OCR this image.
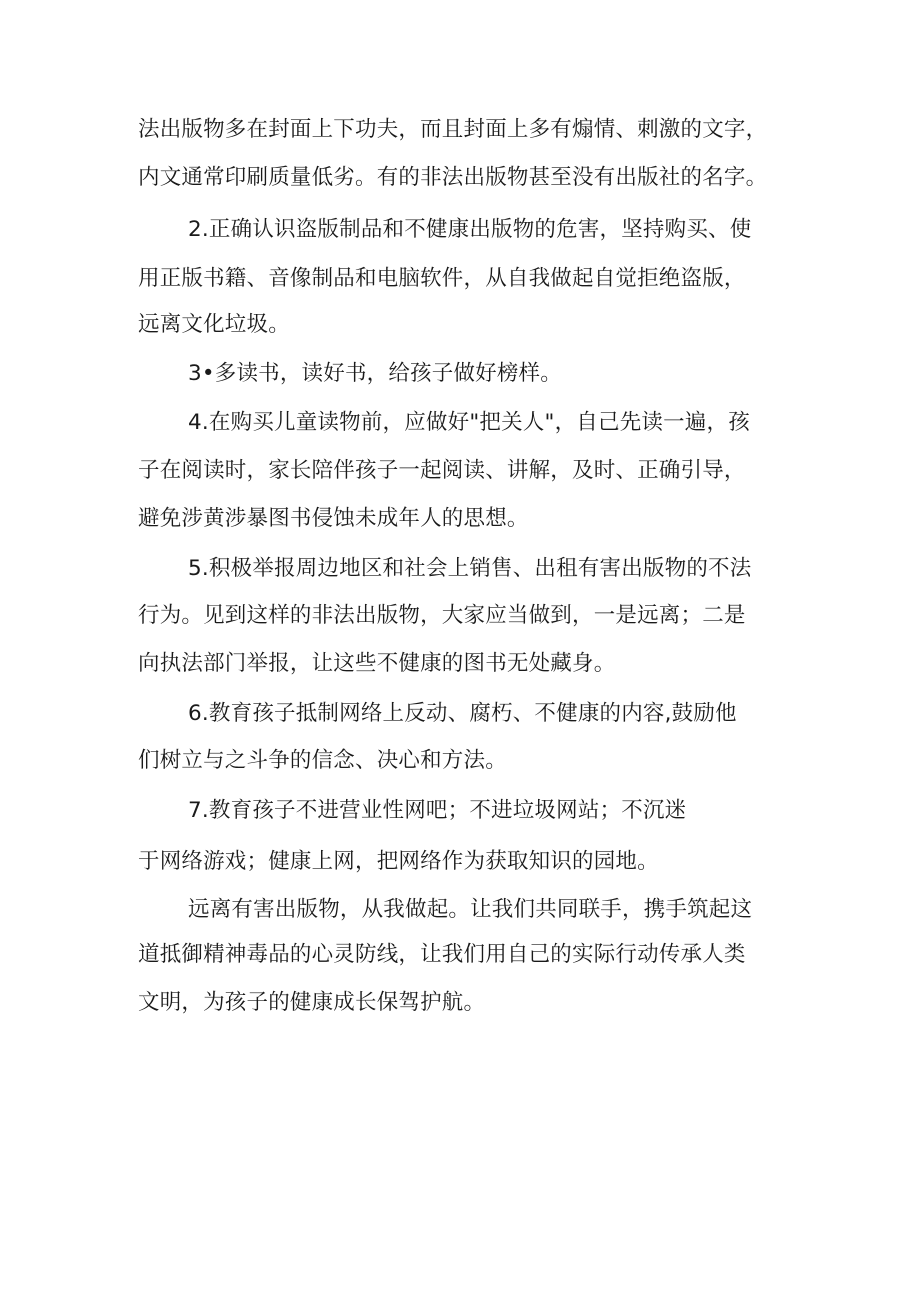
法出版物多在封面上下功夫，而且封面上多有煽情、刺激的文字，
内文通常印刷质量低劣。有的非法出版物甚至没有出版社的名字。
2.正确认识盗版制品和不健康出版物的危害，坚持购买、使
用正版书籍、音像制品和电脑软件，从自我做起自觉拒绝盗版，
远离文化垃圾。
3•多读书，读好书，给孩子做好榜样。
4.在购买儿童读物前，应做好"把关人"，自己先读一遍，孩
子在阅读时，家长陪伴孩子一起阅读、讲解，及时、正确引导，
避免涉黄涉暴图书侵蚀未成年人的思想。
5.积极举报周边地区和社会上销售、出租有害出版物的不法
行为。见到这样的非法出版物，大家应当做到，一是远离；二是
向执法部门举报，让这些不健康的图书无处藏身。
6.教育孩子抵制网络上反动、腐朽、不健康的内容,鼓励他
们树立与之斗争的信念、决心和方法。
7.教育孩子不进营业性网吧；不进垃圾网站；不沉迷
于网络游戏；健康上网，把网络作为获取知识的园地。
远离有害出版物，从我做起。让我们共同联手，携手筑起这
道抵御精神毒品的心灵防线，让我们用自己的实际行动传承人类
文明，为孩子的健康成长保驾护航。
